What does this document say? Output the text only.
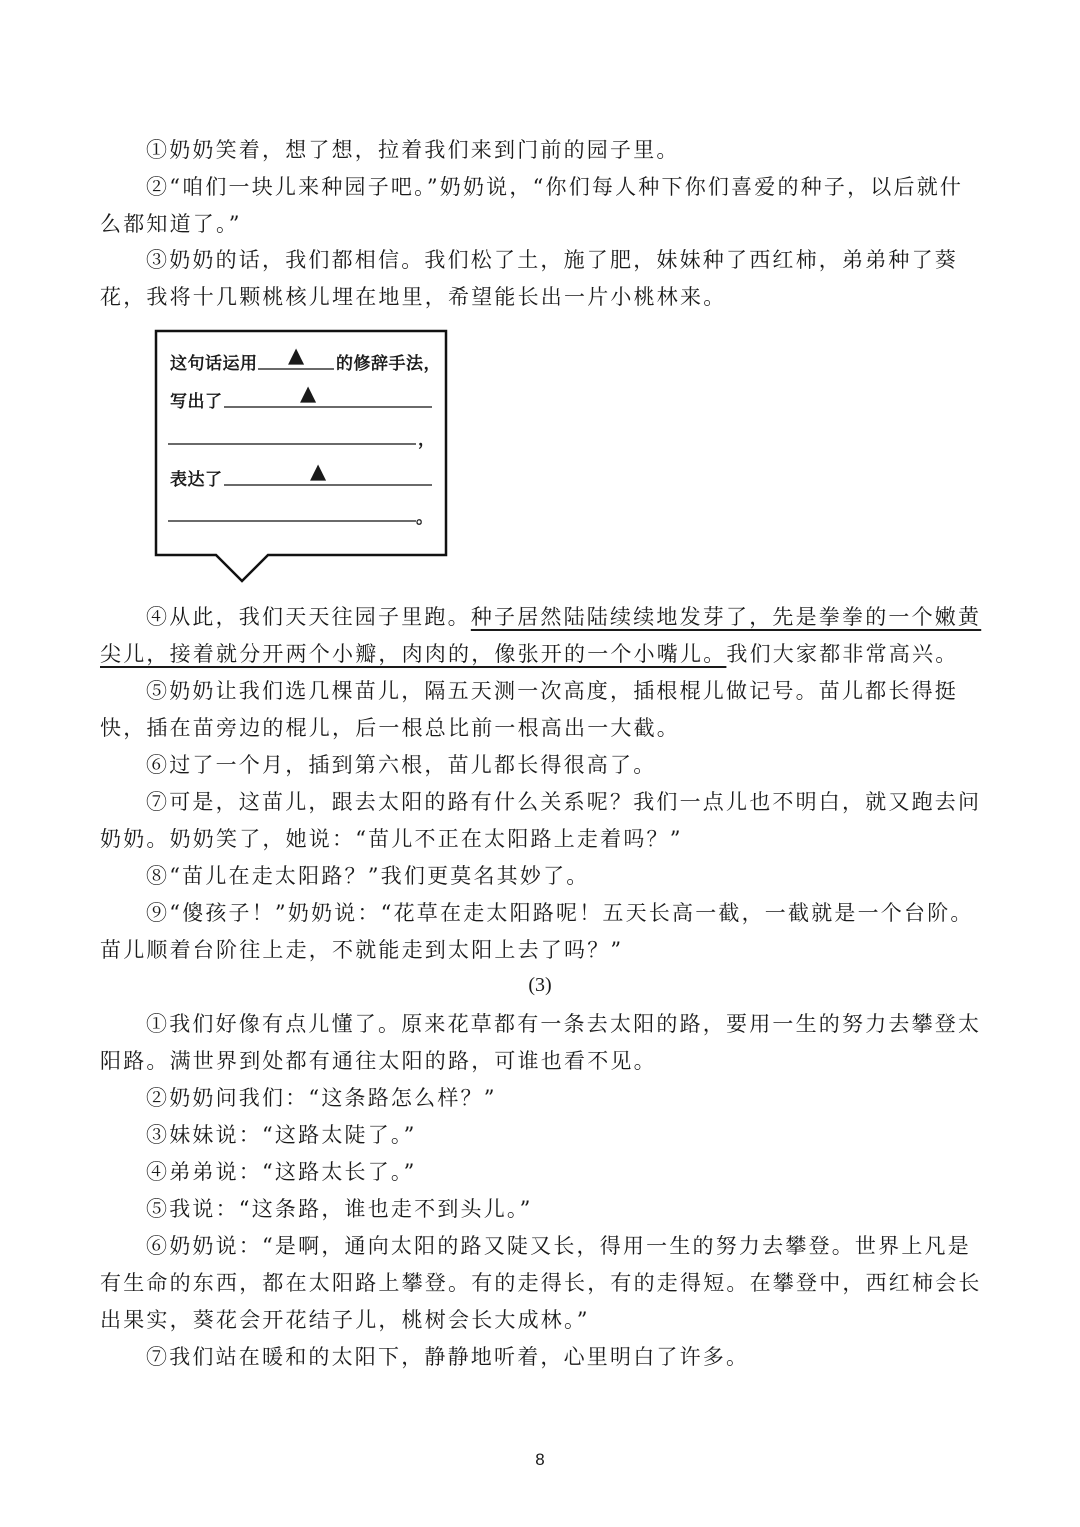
①奶奶笑着，想了想，拉着我们来到门前的园子里。

②“咱们一块儿来种园子吧。”奶奶说，“你们每人种下你们喜爱的种子，以后就什么都知道了。”

③奶奶的话，我们都相信。我们松了土，施了肥，妹妹种了西红柿，弟弟种了葵花，我将十几颗桃核儿埋在地里，希望能长出一片小桃林来。

这句话运用 ▲ 的修辞手法，
写出了	▲
，
表达了	▲
。

④从此，我们天天往园子里跑。种子居然陆陆续续地发芽了，先是拳拳的一个嫩黄尖儿，接着就分开两个小瓣，肉肉的，像张开的一个小嘴儿。我们大家都非常高兴。

⑤奶奶让我们选几棵苗儿，隔五天测一次高度，插根棍儿做记号。苗儿都长得挺快，插在苗旁边的棍儿，后一根总比前一根高出一大截。

⑥过了一个月，插到第六根，苗儿都长得很高了。

⑦可是，这苗儿，跟去太阳的路有什么关系呢？我们一点儿也不明白，就又跑去问奶奶。奶奶笑了，她说：“苗儿不正在太阳路上走着吗？”

⑧“苗儿在走太阳路？”我们更莫名其妙了。

⑨“傻孩子！”奶奶说：“花草在走太阳路呢！五天长高一截，一截就是一个台阶。苗儿顺着台阶往上走，不就能走到太阳上去了吗？”

(3)

①我们好像有点儿懂了。原来花草都有一条去太阳的路，要用一生的努力去攀登太阳路。满世界到处都有通往太阳的路，可谁也看不见。

②奶奶问我们：“这条路怎么样？”

③妹妹说：“这路太陡了。”

④弟弟说：“这路太长了。”

⑤我说：“这条路，谁也走不到头儿。”

⑥奶奶说：“是啊，通向太阳的路又陡又长，得用一生的努力去攀登。世界上凡是有生命的东西，都在太阳路上攀登。有的走得长，有的走得短。在攀登中，西红柿会长出果实，葵花会开花结子儿，桃树会长大成林。”

⑦我们站在暖和的太阳下，静静地听着，心里明白了许多。

8
